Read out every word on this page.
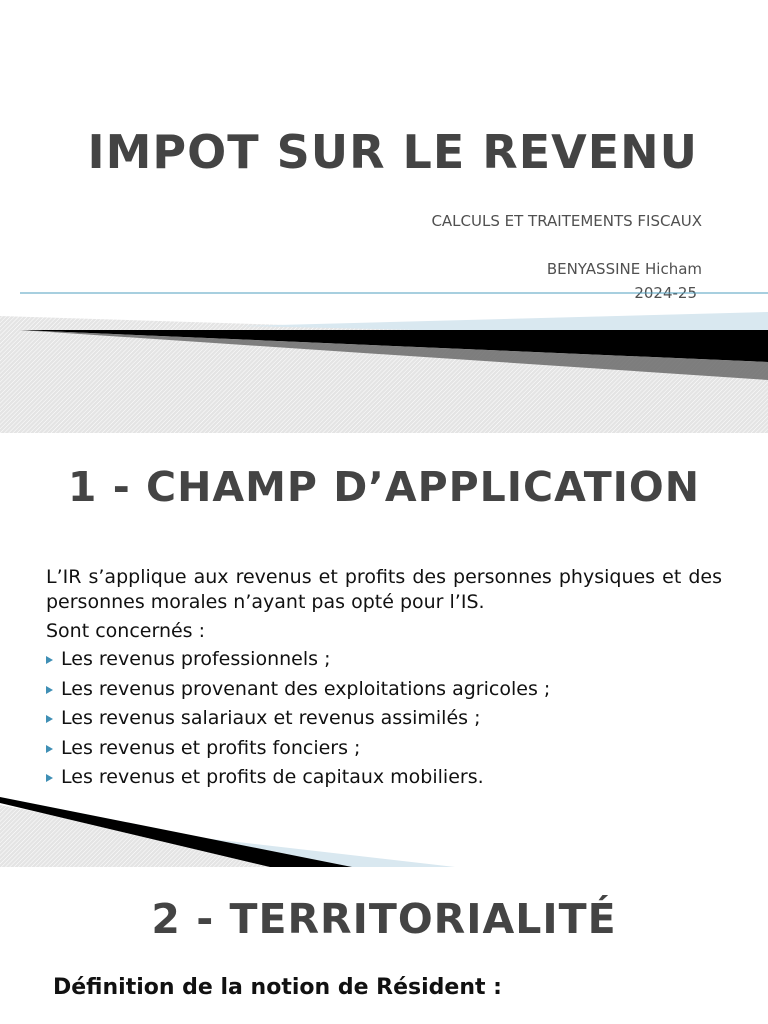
IMPOT SUR LE REVENU
CALCULS ET TRAITEMENTS FISCAUX
BENYASSINE Hicham
2024-25
1 - CHAMP D’APPLICATION

L’IR s’applique aux revenus et profits des personnes physiques et des personnes morales n’ayant pas opté pour l’IS.

Sont concernés :

Les revenus professionnels ;
Les revenus provenant des exploitations agricoles ;
Les revenus salariaux et revenus assimilés ;
Les revenus et profits fonciers ;
Les revenus et profits de capitaux mobiliers.
2 - TERRITORIALITÉ
Définition de la notion de Résident :
